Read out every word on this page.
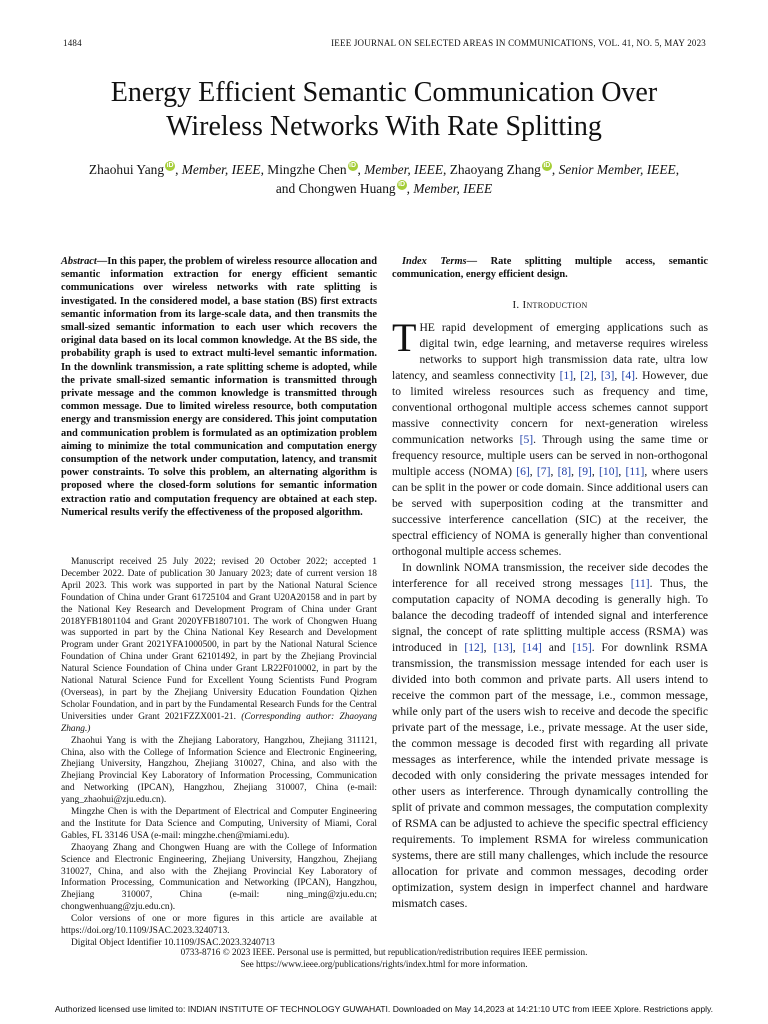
1484	IEEE JOURNAL ON SELECTED AREAS IN COMMUNICATIONS, VOL. 41, NO. 5, MAY 2023
Energy Efficient Semantic Communication Over
Wireless Networks With Rate Splitting
Zhaohui Yang iD , Member, IEEE, Mingzhe Chen iD , Member, IEEE, Zhaoyang Zhang iD , Senior Member, IEEE,
and Chongwen Huang iD , Member, IEEE
Abstract—In this paper, the problem of wireless resource allocation and semantic information extraction for energy efficient semantic communications over wireless networks with rate splitting is investigated. In the considered model, a base station (BS) first extracts semantic information from its large-scale data, and then transmits the small-sized semantic information to each user which recovers the original data based on its local common knowledge. At the BS side, the probability graph is used to extract multi-level semantic information. In the downlink transmission, a rate splitting scheme is adopted, while the private small-sized semantic information is transmitted through private message and the common knowledge is transmitted through common message. Due to limited wireless resource, both computation energy and transmission energy are considered. This joint computation and communication problem is formulated as an optimization problem aiming to minimize the total communication and computation energy consumption of the network under computation, latency, and transmit power constraints. To solve this problem, an alternating algorithm is proposed where the closed-form solutions for semantic information extraction ratio and computation frequency are obtained at each step. Numerical results verify the effectiveness of the proposed algorithm.

Manuscript received 25 July 2022; revised 20 October 2022; accepted 1 December 2022. Date of publication 30 January 2023; date of current version 18 April 2023. This work was supported in part by the National Natural Science Foundation of China under Grant 61725104 and Grant U20A20158 and in part by the National Key Research and Development Program of China under Grant 2018YFB1801104 and Grant 2020YFB1807101. The work of Chongwen Huang was supported in part by the China National Key Research and Development Program under Grant 2021YFA1000500, in part by the National Natural Science Foundation of China under Grant 62101492, in part by the Zhejiang Provincial Natural Science Foundation of China under Grant LR22F010002, in part by the National Natural Science Fund for Excellent Young Scientists Fund Program (Overseas), in part by the Zhejiang University Education Foundation Qizhen Scholar Foundation, and in part by the Fundamental Research Funds for the Central Universities under Grant 2021FZZX001-21. (Corresponding author: Zhaoyang Zhang.)

Zhaohui Yang is with the Zhejiang Laboratory, Hangzhou, Zhejiang 311121, China, also with the College of Information Science and Electronic Engineering, Zhejiang University, Hangzhou, Zhejiang 310027, China, and also with the Zhejiang Provincial Key Laboratory of Information Processing, Communication and Networking (IPCAN), Hangzhou, Zhejiang 310007, China (e-mail: yang_zhaohui@zju.edu.cn).

Mingzhe Chen is with the Department of Electrical and Computer Engineering and the Institute for Data Science and Computing, University of Miami, Coral Gables, FL 33146 USA (e-mail: mingzhe.chen@miami.edu).

Zhaoyang Zhang and Chongwen Huang are with the College of Information Science and Electronic Engineering, Zhejiang University, Hangzhou, Zhejiang 310027, China, and also with the Zhejiang Provincial Key Laboratory of Information Processing, Communication and Networking (IPCAN), Hangzhou, Zhejiang 310007, China (e-mail: ning_ming@zju.edu.cn; chongwenhuang@zju.edu.cn).

Color versions of one or more figures in this article are available at https://doi.org/10.1109/JSAC.2023.3240713.

Digital Object Identifier 10.1109/JSAC.2023.3240713

Index Terms— Rate splitting multiple access, semantic communication, energy efficient design.
I. Introduction

THE rapid development of emerging applications such as digital twin, edge learning, and metaverse requires wireless networks to support high transmission data rate, ultra low latency, and seamless connectivity [1], [2], [3], [4]. However, due to limited wireless resources such as frequency and time, conventional orthogonal multiple access schemes cannot support massive connectivity concern for next-generation wireless communication networks [5]. Through using the same time or frequency resource, multiple users can be served in non-orthogonal multiple access (NOMA) [6], [7], [8], [9], [10], [11], where users can be split in the power or code domain. Since additional users can be served with superposition coding at the transmitter and successive interference cancellation (SIC) at the receiver, the spectral efficiency of NOMA is generally higher than conventional orthogonal multiple access schemes.

In downlink NOMA transmission, the receiver side decodes the interference for all received strong messages [11]. Thus, the computation capacity of NOMA decoding is generally high. To balance the decoding tradeoff of intended signal and interference signal, the concept of rate splitting multiple access (RSMA) was introduced in [12], [13], [14] and [15]. For downlink RSMA transmission, the transmission message intended for each user is divided into both common and private parts. All users intend to receive the common part of the message, i.e., common message, while only part of the users wish to receive and decode the specific private part of the message, i.e., private message. At the user side, the common message is decoded first with regarding all private messages as interference, while the intended private message is decoded with only considering the private messages intended for other users as interference. Through dynamically controlling the split of private and common messages, the computation complexity of RSMA can be adjusted to achieve the specific spectral efficiency requirements. To implement RSMA for wireless communication systems, there are still many challenges, which include the resource allocation for private and common messages, decoding order optimization, system design in imperfect channel and hardware mismatch cases.

0733-8716 © 2023 IEEE. Personal use is permitted, but republication/redistribution requires IEEE permission.
See https://www.ieee.org/publications/rights/index.html for more information.
Authorized licensed use limited to: INDIAN INSTITUTE OF TECHNOLOGY GUWAHATI. Downloaded on May 14,2023 at 14:21:10 UTC from IEEE Xplore. Restrictions apply.
